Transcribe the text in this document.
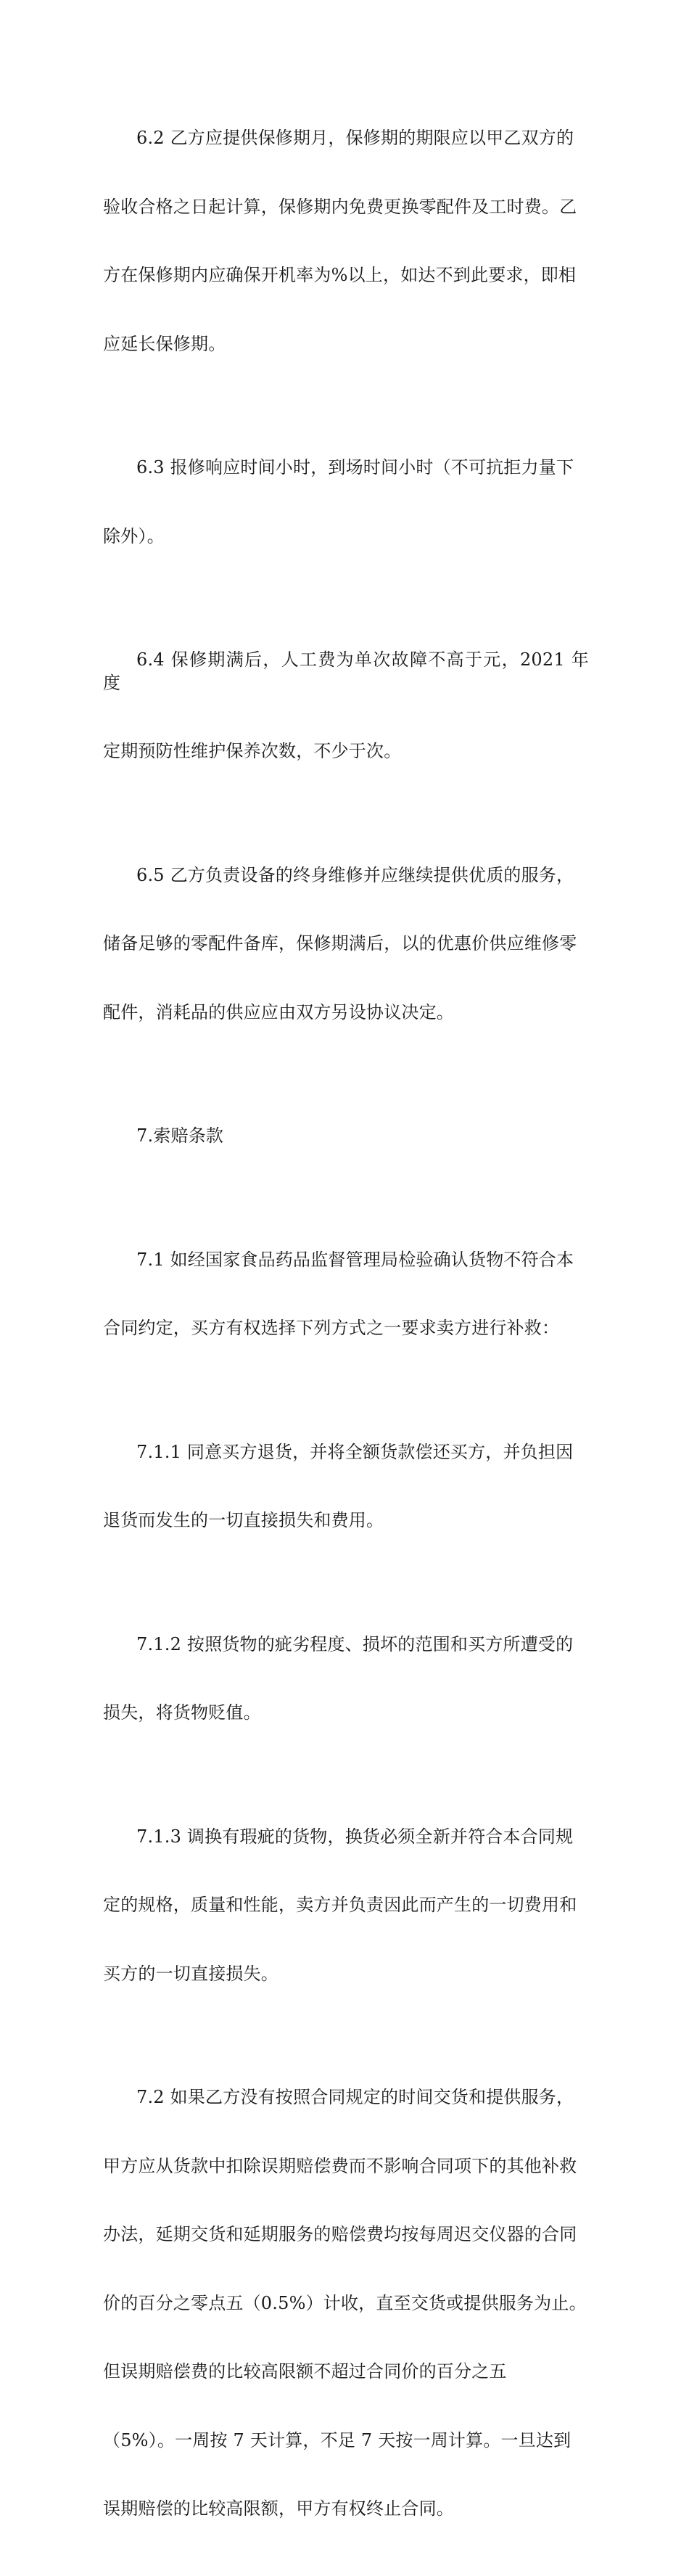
6.2 乙方应提供保修期月，保修期的期限应以甲乙双方的

验收合格之日起计算，保修期内免费更换零配件及工时费。乙

方在保修期内应确保开机率为%以上，如达不到此要求，即相

应延长保修期。

6.3 报修响应时间小时，到场时间小时（不可抗拒力量下

除外）。

6.4 保修期满后，人工费为单次故障不高于元，2021 年度

定期预防性维护保养次数，不少于次。

6.5 乙方负责设备的终身维修并应继续提供优质的服务，

储备足够的零配件备库，保修期满后，以的优惠价供应维修零

配件，消耗品的供应应由双方另设协议决定。

7.索赔条款

7.1 如经国家食品药品监督管理局检验确认货物不符合本

合同约定，买方有权选择下列方式之一要求卖方进行补救：

7.1.1 同意买方退货，并将全额货款偿还买方，并负担因

退货而发生的一切直接损失和费用。

7.1.2 按照货物的疵劣程度、损坏的范围和买方所遭受的

损失，将货物贬值。

7.1.3 调换有瑕疵的货物，换货必须全新并符合本合同规

定的规格，质量和性能，卖方并负责因此而产生的一切费用和

买方的一切直接损失。

7.2 如果乙方没有按照合同规定的时间交货和提供服务，

甲方应从货款中扣除误期赔偿费而不影响合同项下的其他补救

办法，延期交货和延期服务的赔偿费均按每周迟交仪器的合同

价的百分之零点五（0.5%）计收，直至交货或提供服务为止。

但误期赔偿费的比较高限额不超过合同价的百分之五

（5%）。一周按 7 天计算，不足 7 天按一周计算。一旦达到

误期赔偿的比较高限额，甲方有权终止合同。
